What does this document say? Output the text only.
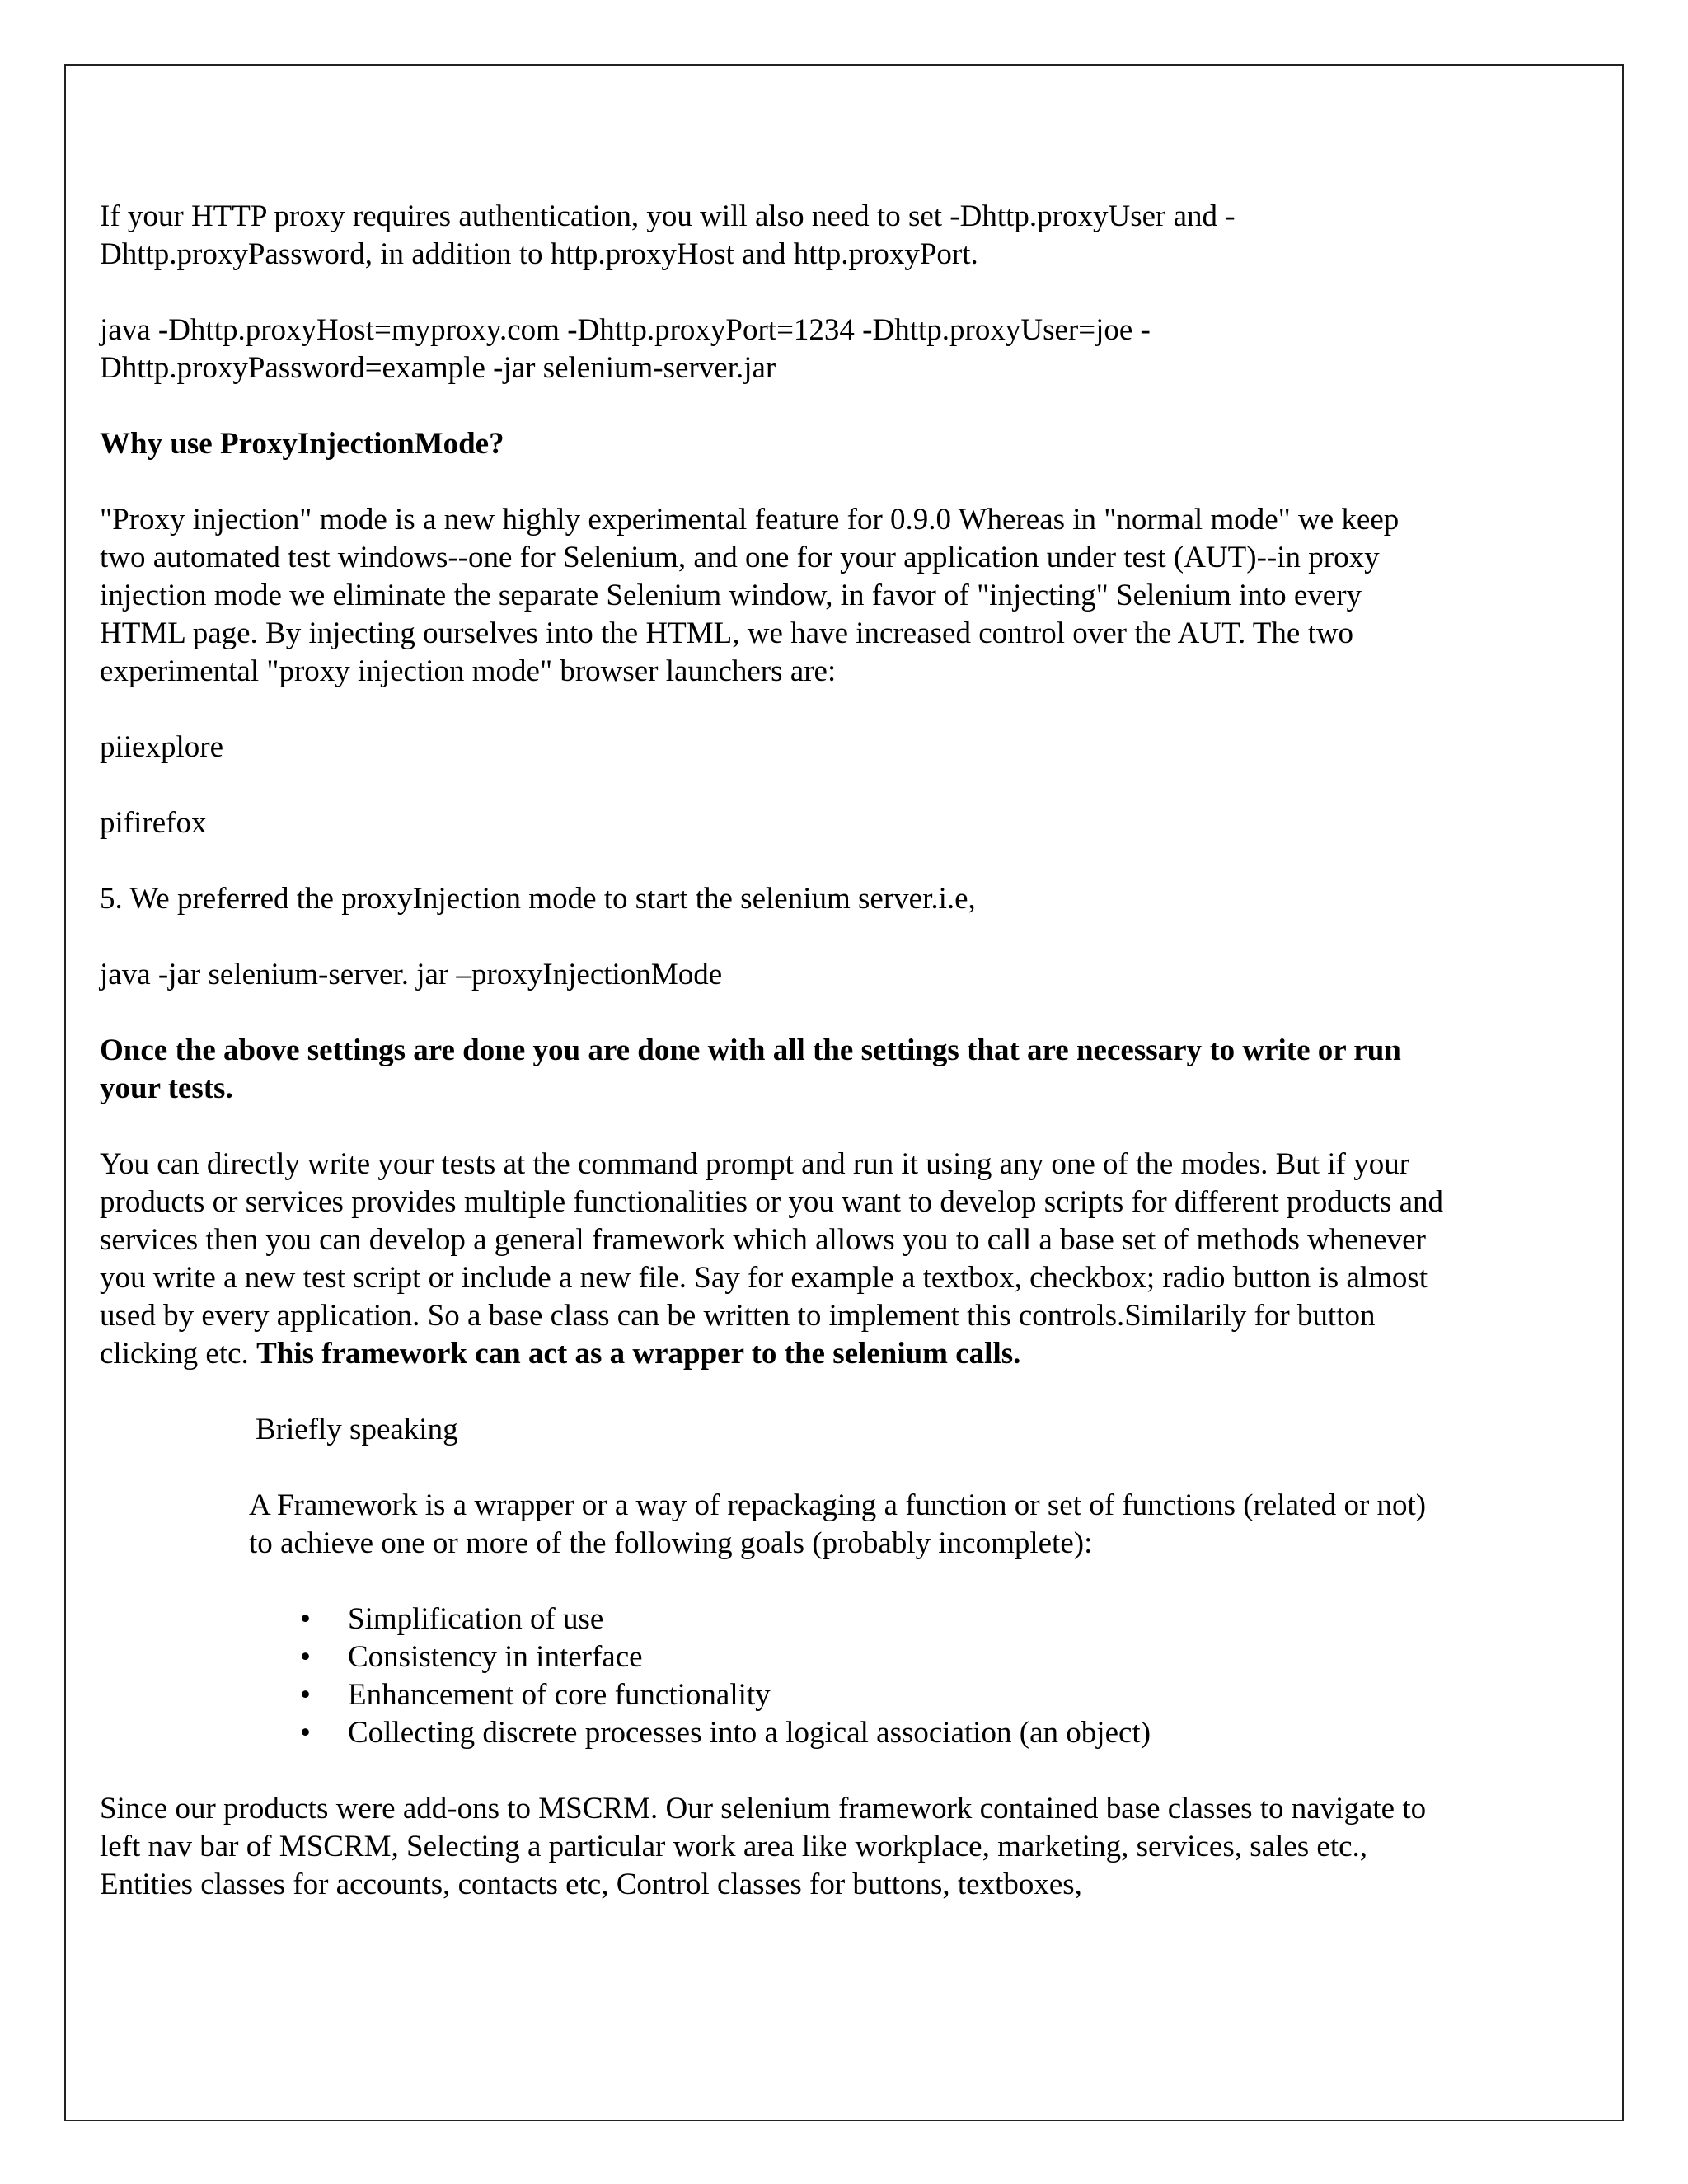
If your HTTP proxy requires authentication, you will also need to set -Dhttp.proxyUser and -Dhttp.proxyPassword, in addition to http.proxyHost and http.proxyPort.

java -Dhttp.proxyHost=myproxy.com -Dhttp.proxyPort=1234 -Dhttp.proxyUser=joe -Dhttp.proxyPassword=example -jar selenium-server.jar

Why use ProxyInjectionMode?

"Proxy injection" mode is a new highly experimental feature for 0.9.0 Whereas in "normal mode" we keep two automated test windows--one for Selenium, and one for your application under test (AUT)--in proxy injection mode we eliminate the separate Selenium window, in favor of "injecting" Selenium into every HTML page. By injecting ourselves into the HTML, we have increased control over the AUT. The two experimental "proxy injection mode" browser launchers are:

piiexplore

pifirefox

5. We preferred the proxyInjection mode to start the selenium server.i.e,

java -jar selenium-server. jar –proxyInjectionMode

Once the above settings are done you are done with all the settings that are necessary to write or run your tests.

You can directly write your tests at the command prompt and run it using any one of the modes. But if your products or services provides multiple functionalities or you want to develop scripts for different products and services then you can develop a general framework which allows you to call a base set of methods whenever you write a new test script or include a new file. Say for example a textbox, checkbox; radio button is almost used by every application. So a base class can be written to implement this controls.Similarily for button clicking etc. This framework can act as a wrapper to the selenium calls.

Briefly speaking

A Framework is a wrapper or a way of repackaging a function or set of functions (related or not) to achieve one or more of the following goals (probably incomplete):

• Simplification of use
• Consistency in interface
• Enhancement of core functionality
• Collecting discrete processes into a logical association (an object)

Since our products were add-ons to MSCRM. Our selenium framework contained base classes to navigate to left nav bar of MSCRM, Selecting a particular work area like workplace, marketing, services, sales etc., Entities classes for accounts, contacts etc, Control classes for buttons, textboxes,
